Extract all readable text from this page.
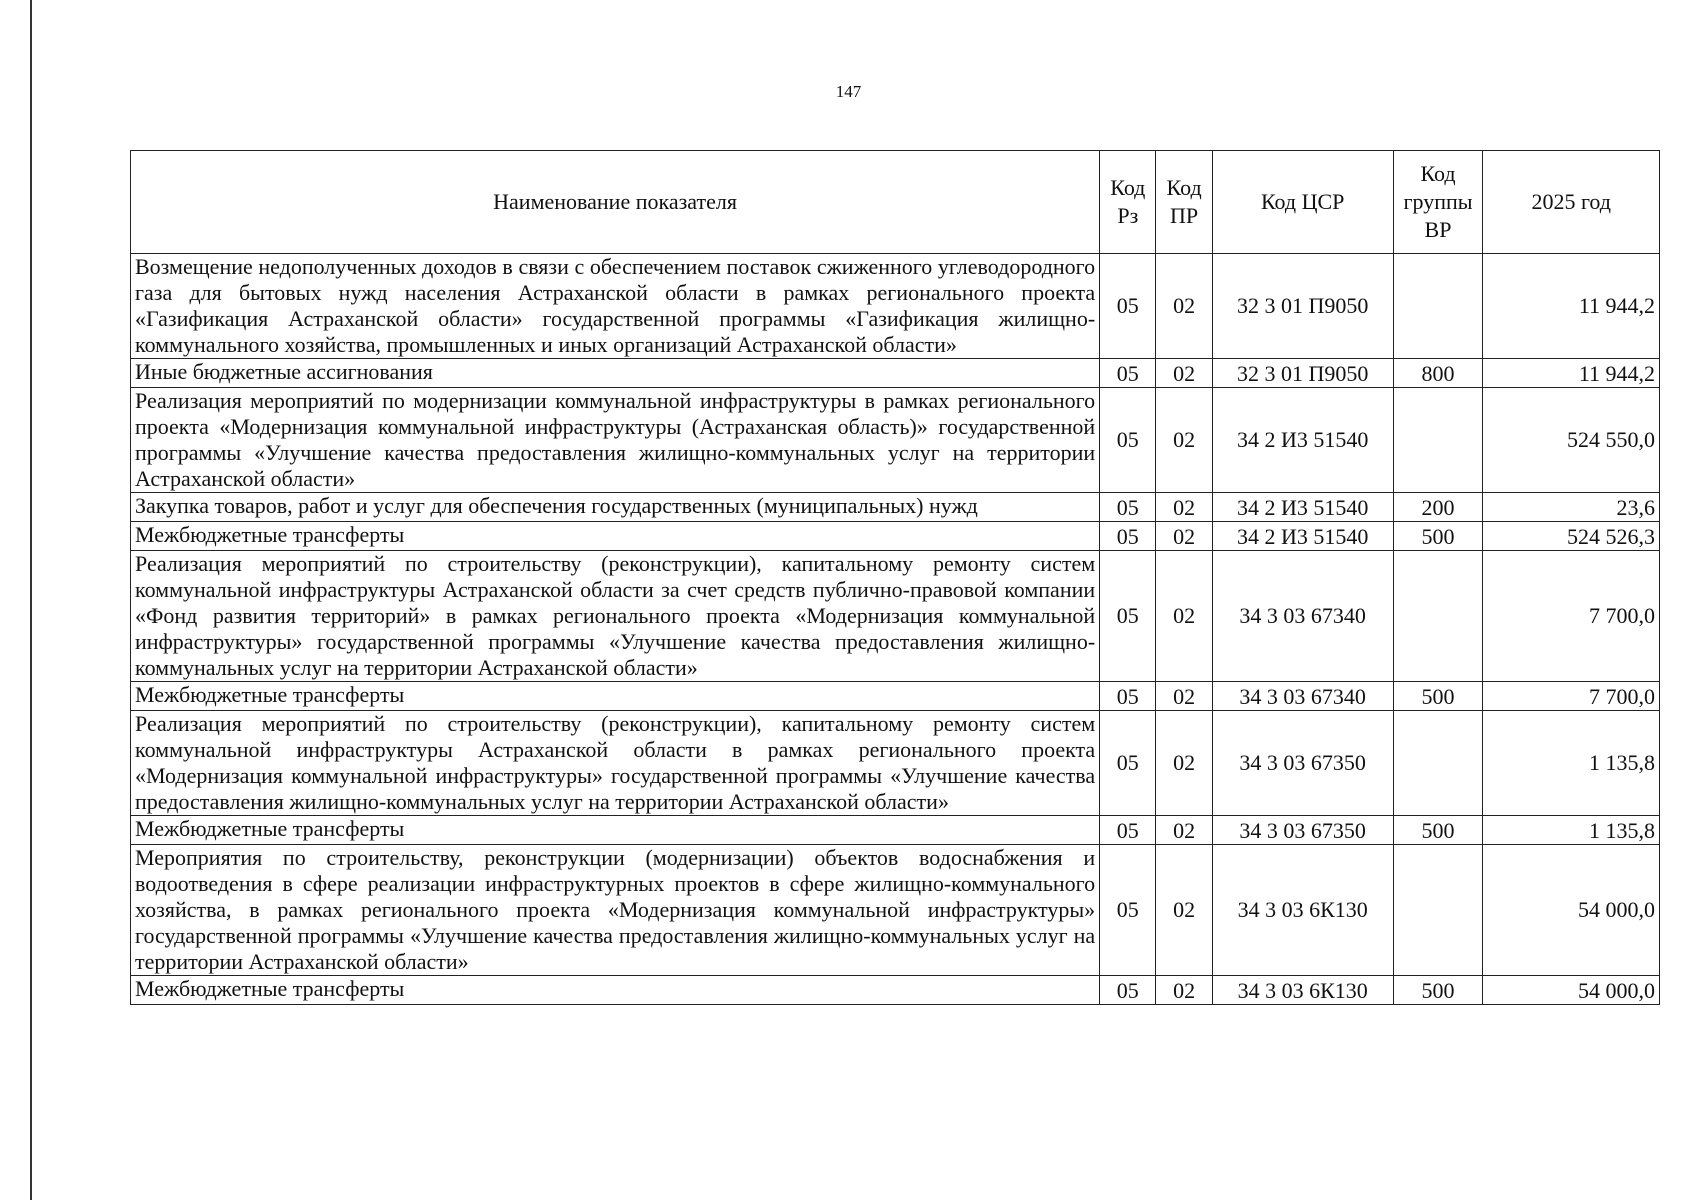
147
Наименование показателя	Код Рз	Код ПР	Код ЦСР	Код группы ВР	2025 год
Возмещение недополученных доходов в связи с обеспечением поставок сжиженного углеводородного газа для бытовых нужд населения Астраханской области в рамках регионального проекта «Газификация Астраханской области» государственной программы «Газификация жилищно-коммунального хозяйства, промышленных и иных организаций Астраханской области»	05	02	32 3 01 П9050		11 944,2
Иные бюджетные ассигнования	05	02	32 3 01 П9050	800	11 944,2
Реализация мероприятий по модернизации коммунальной инфраструктуры в рамках регионального проекта «Модернизация коммунальной инфраструктуры (Астраханская область)» государственной программы «Улучшение качества предоставления жилищно-коммунальных услуг на территории Астраханской области»	05	02	34 2 И3 51540		524 550,0
Закупка товаров, работ и услуг для обеспечения государственных (муниципальных) нужд	05	02	34 2 И3 51540	200	23,6
Межбюджетные трансферты	05	02	34 2 И3 51540	500	524 526,3
Реализация мероприятий по строительству (реконструкции), капитальному ремонту систем коммунальной инфраструктуры Астраханской области за счет средств публично-правовой компании «Фонд развития территорий» в рамках регионального проекта «Модернизация коммунальной инфраструктуры» государственной программы «Улучшение качества предоставления жилищно-коммунальных услуг на территории Астраханской области»	05	02	34 3 03 67340		7 700,0
Межбюджетные трансферты	05	02	34 3 03 67340	500	7 700,0
Реализация мероприятий по строительству (реконструкции), капитальному ремонту систем коммунальной инфраструктуры Астраханской области в рамках регионального проекта «Модернизация коммунальной инфраструктуры» государственной программы «Улучшение качества предоставления жилищно-коммунальных услуг на территории Астраханской области»	05	02	34 3 03 67350		1 135,8
Межбюджетные трансферты	05	02	34 3 03 67350	500	1 135,8
Мероприятия по строительству, реконструкции (модернизации) объектов водоснабжения и водоотведения в сфере реализации инфраструктурных проектов в сфере жилищно-коммунального хозяйства, в рамках регионального проекта «Модернизация коммунальной инфраструктуры» государственной программы «Улучшение качества предоставления жилищно-коммунальных услуг на территории Астраханской области»	05	02	34 3 03 6К130		54 000,0
Межбюджетные трансферты	05	02	34 3 03 6К130	500	54 000,0
